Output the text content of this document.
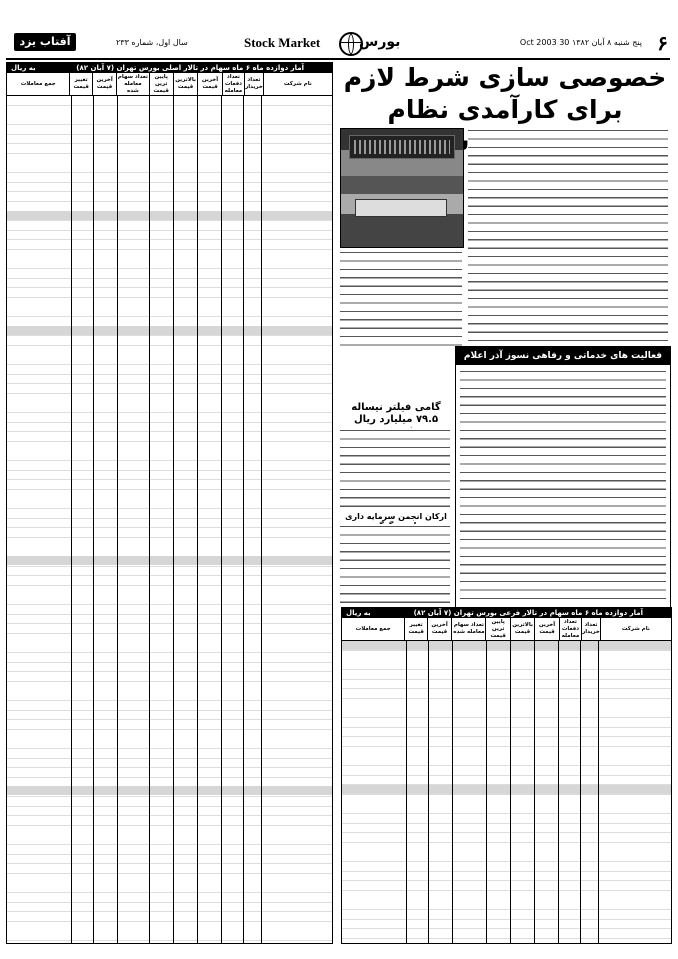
۶
پنج شنبه ۸ آبان ۱۳۸۲ 30 Oct 2003
بورس
Stock Market
سال اول، شماره ۲۳۳
آفتاب یزد
آمار دوازده ماه ۶ ماه سهام در تالار اصلی بورس تهران (۷ آبان ۸۲)
به ریال
نام شرکت
تعداد خریدار
تعداد دفعات معامله
آخرین قیمت
بالاترین قیمت
پایین ترین قیمت
تعداد سهام معامله شده
آخرین قیمت
تغییر قیمت
جمع معاملات	خصوصی سازی شرط لازم
برای کارآمدی نظام
گامی فیلتر نیساله
۷۹.۵ میلیارد ریال
ارکان انجمن سرمایه داری
فعالیت های خدماتی و رفاهی نسوز آذر اعلام
آمار دوازده ماه ۶ ماه سهام در تالار فرعی بورس تهران (۷ آبان ۸۲)
به ریال
نام شرکت
تعداد خریدار
تعداد دفعات معامله
آخرین قیمت
بالاترین قیمت
پایین ترین قیمت
تعداد سهام معامله شده
آخرین قیمت
تغییر قیمت
جمع معاملات
